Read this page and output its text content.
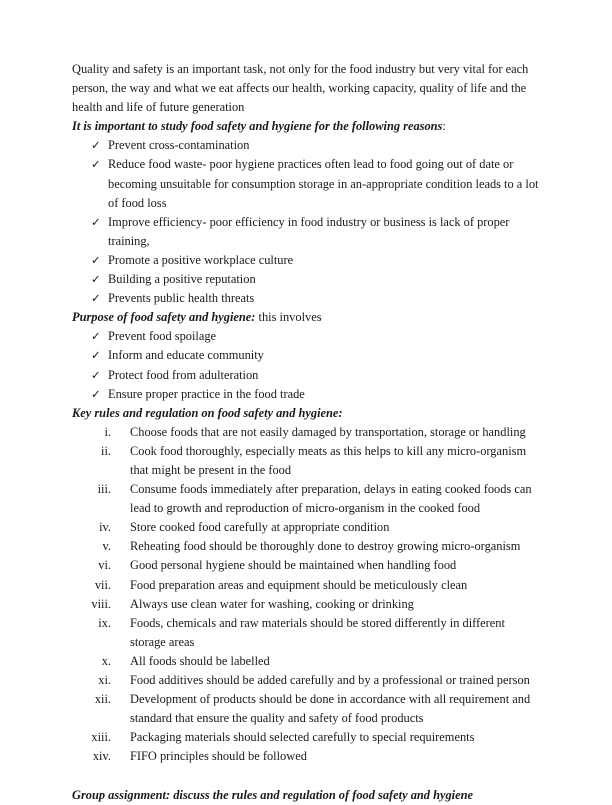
Quality and safety is an important task, not only for the food industry but very vital for each person, the way and what we eat affects our health, working capacity, quality of life and the health and life of future generation

It is important to study food safety and hygiene for the following reasons:

✓ Prevent cross-contamination
✓ Reduce food waste- poor hygiene practices often lead to food going out of date or becoming unsuitable for consumption storage in an-appropriate condition leads to a lot of food loss
✓ Improve efficiency- poor efficiency in food industry or business is lack of proper training,
✓ Promote a positive workplace culture
✓ Building a positive reputation
✓ Prevents public health threats

Purpose of food safety and hygiene: this involves

✓ Prevent food spoilage
✓ Inform and educate community
✓ Protect food from adulteration
✓ Ensure proper practice in the food trade

Key rules and regulation on food safety and hygiene:

i. Choose foods that are not easily damaged by transportation, storage or handling
ii. Cook food thoroughly, especially meats as this helps to kill any micro-organism that might be present in the food
iii. Consume foods immediately after preparation, delays in eating cooked foods can lead to growth and reproduction of micro-organism in the cooked food
iv. Store cooked food carefully at appropriate condition
v. Reheating food should be thoroughly done to destroy growing micro-organism
vi. Good personal hygiene should be maintained when handling food
vii. Food preparation areas and equipment should be meticulously clean
viii. Always use clean water for washing, cooking or drinking
ix. Foods, chemicals and raw materials should be stored differently in different storage areas
x. All foods should be labelled
xi. Food additives should be added carefully and by a professional or trained person
xii. Development of products should be done in accordance with all requirement and standard that ensure the quality and safety of food products
xiii. Packaging materials should selected carefully to special requirements
xiv. FIFO principles should be followed

Group assignment: discuss the rules and regulation of food safety and hygiene
